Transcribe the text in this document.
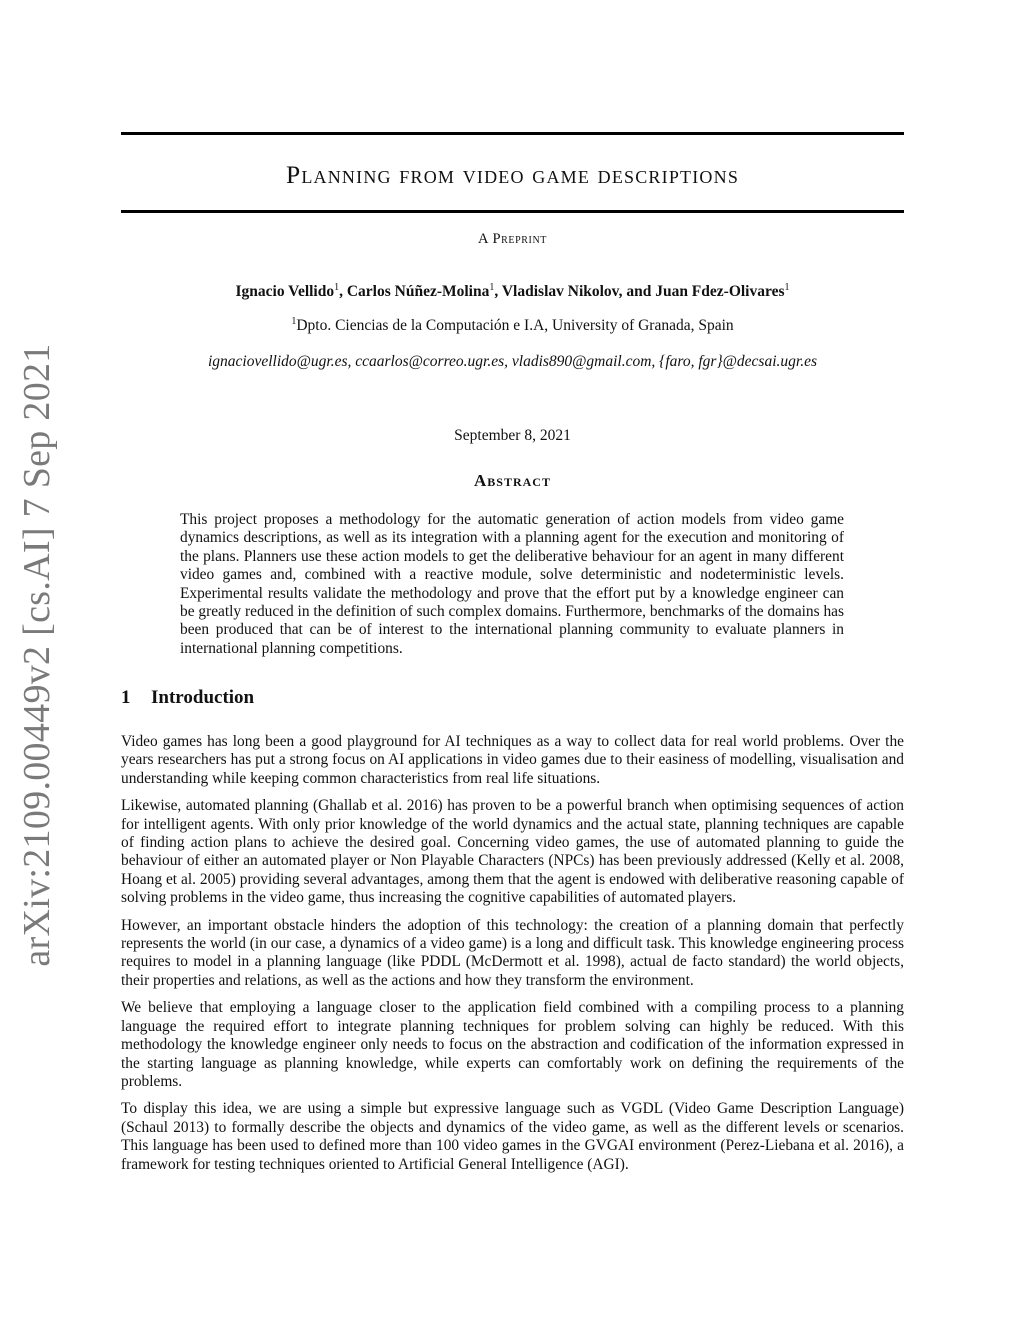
arXiv:2109.00449v2 [cs.AI] 7 Sep 2021
Planning from video game descriptions
A Preprint
Ignacio Vellido$^1$, Carlos Núñez-Molina$^1$, Vladislav Nikolov, and Juan Fdez-Olivares$^1$
$^1$Dpto. Ciencias de la Computación e I.A, University of Granada, Spain
ignaciovellido@ugr.es, ccaarlos@correo.ugr.es, vladis890@gmail.com, {faro, fgr}@decsai.ugr.es
September 8, 2021
Abstract

This project proposes a methodology for the automatic generation of action models from video game dynamics descriptions, as well as its integration with a planning agent for the execution and monitoring of the plans. Planners use these action models to get the deliberative behaviour for an agent in many different video games and, combined with a reactive module, solve deterministic and nodeterministic levels. Experimental results validate the methodology and prove that the effort put by a knowledge engineer can be greatly reduced in the definition of such complex domains. Furthermore, benchmarks of the domains has been produced that can be of interest to the international planning community to evaluate planners in international planning competitions.

1 Introduction

Video games has long been a good playground for AI techniques as a way to collect data for real world problems. Over the years researchers has put a strong focus on AI applications in video games due to their easiness of modelling, visualisation and understanding while keeping common characteristics from real life situations.

Likewise, automated planning (Ghallab et al. 2016) has proven to be a powerful branch when optimising sequences of action for intelligent agents. With only prior knowledge of the world dynamics and the actual state, planning techniques are capable of finding action plans to achieve the desired goal. Concerning video games, the use of automated planning to guide the behaviour of either an automated player or Non Playable Characters (NPCs) has been previously addressed (Kelly et al. 2008, Hoang et al. 2005) providing several advantages, among them that the agent is endowed with deliberative reasoning capable of solving problems in the video game, thus increasing the cognitive capabilities of automated players.

However, an important obstacle hinders the adoption of this technology: the creation of a planning domain that perfectly represents the world (in our case, a dynamics of a video game) is a long and difficult task. This knowledge engineering process requires to model in a planning language (like PDDL (McDermott et al. 1998), actual de facto standard) the world objects, their properties and relations, as well as the actions and how they transform the environment.

We believe that employing a language closer to the application field combined with a compiling process to a planning language the required effort to integrate planning techniques for problem solving can highly be reduced. With this methodology the knowledge engineer only needs to focus on the abstraction and codification of the information expressed in the starting language as planning knowledge, while experts can comfortably work on defining the requirements of the problems.

To display this idea, we are using a simple but expressive language such as VGDL (Video Game Description Language) (Schaul 2013) to formally describe the objects and dynamics of the video game, as well as the different levels or scenarios. This language has been used to defined more than 100 video games in the GVGAI environment (Perez-Liebana et al. 2016), a framework for testing techniques oriented to Artificial General Intelligence (AGI).
